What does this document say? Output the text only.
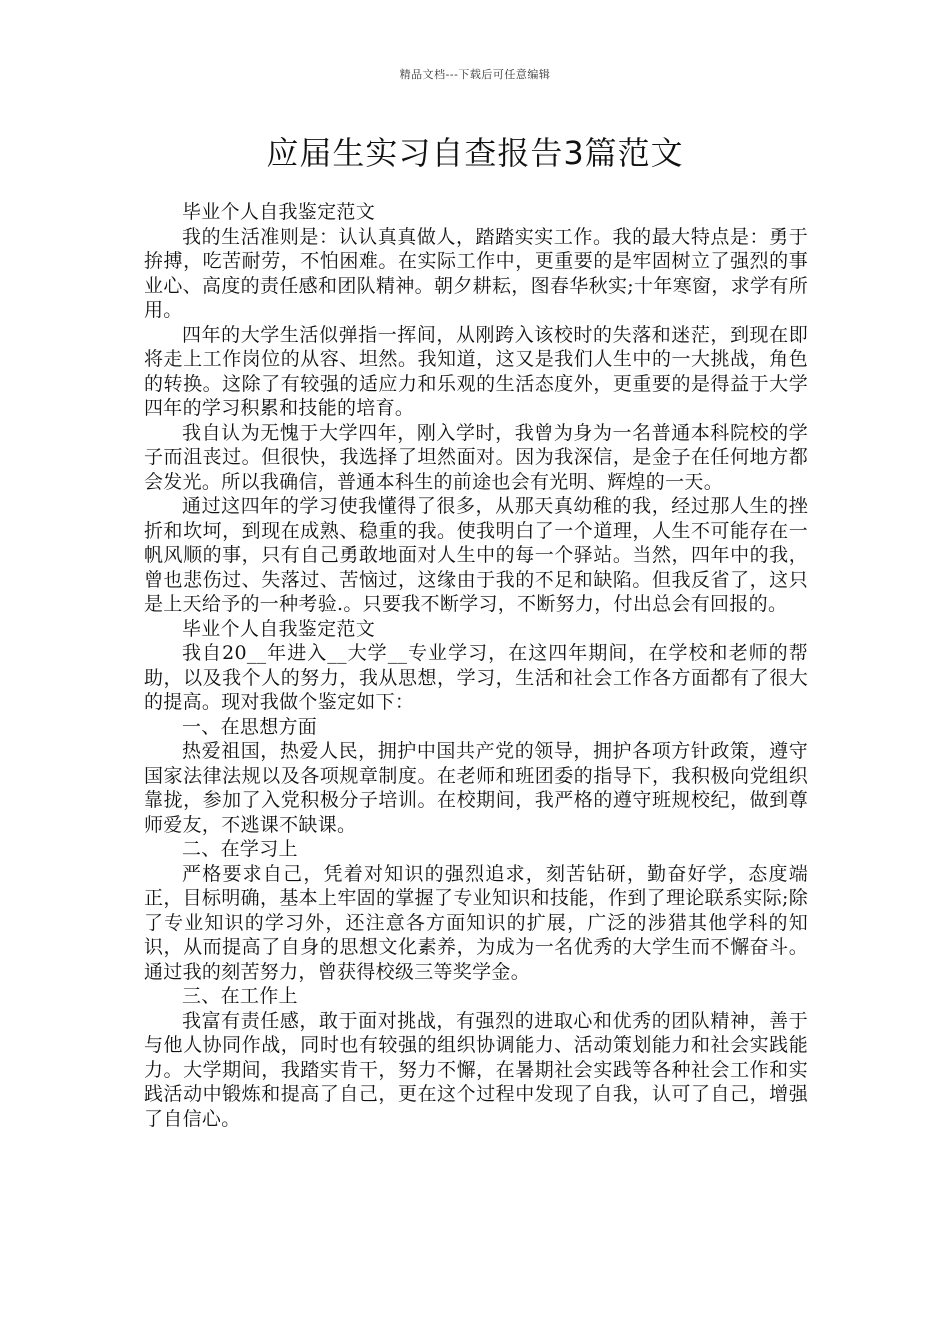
精品文档---下载后可任意编辑
应届生实习自查报告3篇范文

毕业个人自我鉴定范文

我的生活准则是：认认真真做人，踏踏实实工作。我的最大特点是：勇于拚搏，吃苦耐劳，不怕困难。在实际工作中，更重要的是牢固树立了强烈的事业心、高度的责任感和团队精神。朝夕耕耘，图春华秋实;十年寒窗，求学有所用。

四年的大学生活似弹指一挥间，从刚跨入该校时的失落和迷茫，到现在即将走上工作岗位的从容、坦然。我知道，这又是我们人生中的一大挑战，角色的转换。这除了有较强的适应力和乐观的生活态度外，更重要的是得益于大学四年的学习积累和技能的培育。

我自认为无愧于大学四年，刚入学时，我曾为身为一名普通本科院校的学子而沮丧过。但很快，我选择了坦然面对。因为我深信，是金子在任何地方都会发光。所以我确信，普通本科生的前途也会有光明、辉煌的一天。

通过这四年的学习使我懂得了很多，从那天真幼稚的我，经过那人生的挫折和坎坷，到现在成熟、稳重的我。使我明白了一个道理，人生不可能存在一帆风顺的事，只有自己勇敢地面对人生中的每一个驿站。当然，四年中的我，曾也悲伤过、失落过、苦恼过，这缘由于我的不足和缺陷。但我反省了，这只是上天给予的一种考验.。只要我不断学习，不断努力，付出总会有回报的。

毕业个人自我鉴定范文

我自20__年进入__大学__专业学习，在这四年期间，在学校和老师的帮助，以及我个人的努力，我从思想，学习，生活和社会工作各方面都有了很大的提高。现对我做个鉴定如下：

一、在思想方面

热爱祖国，热爱人民，拥护中国共产党的领导，拥护各项方针政策，遵守国家法律法规以及各项规章制度。在老师和班团委的指导下，我积极向党组织靠拢，参加了入党积极分子培训。在校期间，我严格的遵守班规校纪，做到尊师爱友，不逃课不缺课。

二、在学习上

严格要求自己，凭着对知识的强烈追求，刻苦钻研，勤奋好学，态度端正，目标明确，基本上牢固的掌握了专业知识和技能，作到了理论联系实际;除了专业知识的学习外，还注意各方面知识的扩展，广泛的涉猎其他学科的知识，从而提高了自身的思想文化素养，为成为一名优秀的大学生而不懈奋斗。通过我的刻苦努力，曾获得校级三等奖学金。

三、在工作上

我富有责任感，敢于面对挑战，有强烈的进取心和优秀的团队精神，善于与他人协同作战，同时也有较强的组织协调能力、活动策划能力和社会实践能力。大学期间，我踏实肯干，努力不懈，在暑期社会实践等各种社会工作和实践活动中锻炼和提高了自己，更在这个过程中发现了自我，认可了自己，增强了自信心。
